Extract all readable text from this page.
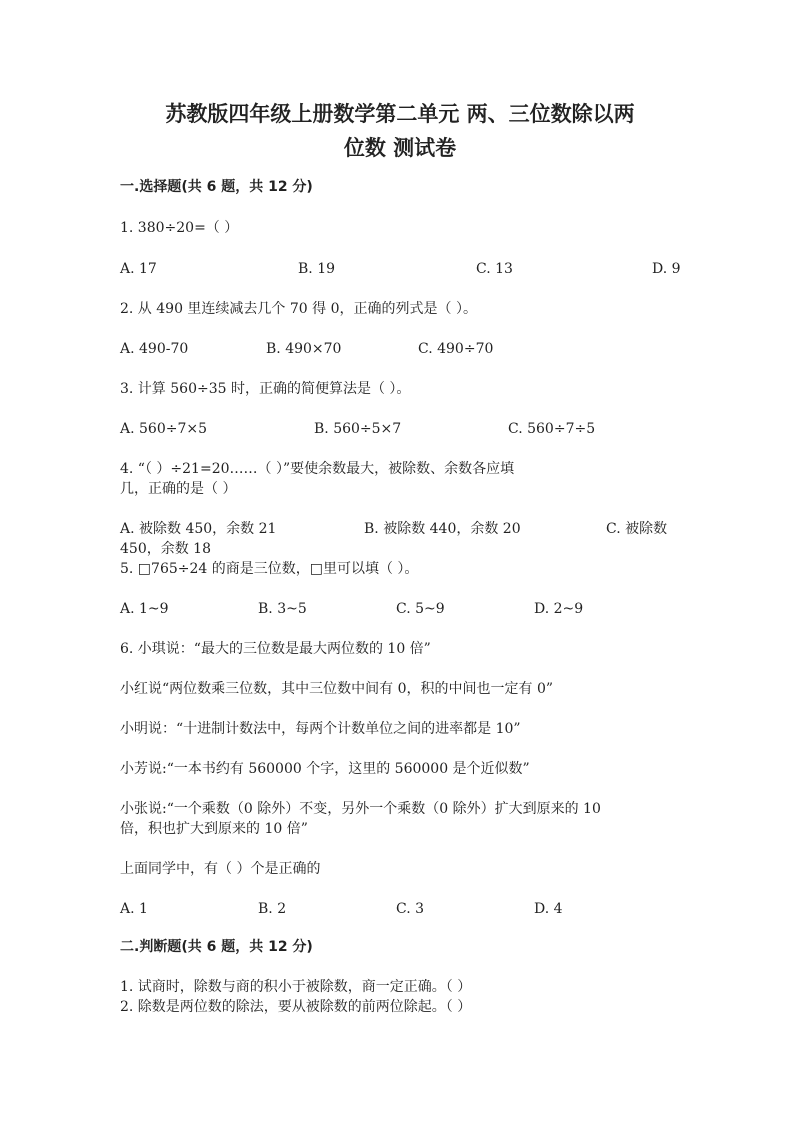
苏教版四年级上册数学第二单元 两、三位数除以两
位数 测试卷
一.选择题(共 6 题，共 12 分)
1. 380÷20=（ ）
A. 17	B. 19	C. 13	D. 9
2. 从 490 里连续减去几个 70 得 0，正确的列式是（ ）。
A. 490-70	B. 490×70	C. 490÷70
3. 计算 560÷35 时，正确的简便算法是（ ）。
A. 560÷7×5	B. 560÷5×7	C. 560÷7÷5
4. “（ ）÷21=20……（ ）”要使余数最大，被除数、余数各应填
几，正确的是（ ）
A. 被除数 450，余数 21	B. 被除数 440，余数 20	C. 被除数
450，余数 18
5. □765÷24 的商是三位数，□里可以填（ ）。
A. 1~9	B. 3~5	C. 5~9	D. 2~9
6. 小琪说：“最大的三位数是最大两位数的 10 倍”
小红说“两位数乘三位数，其中三位数中间有 0，积的中间也一定有 0”
小明说：“十进制计数法中，每两个计数单位之间的进率都是 10”
小芳说:“一本书约有 560000 个字，这里的 560000 是个近似数”
小张说:“一个乘数（0 除外）不变，另外一个乘数（0 除外）扩大到原来的 10
倍，积也扩大到原来的 10 倍”
上面同学中，有（ ）个是正确的
A. 1	B. 2	C. 3	D. 4
二.判断题(共 6 题，共 12 分)
1. 试商时，除数与商的积小于被除数，商一定正确。（ ）
2. 除数是两位数的除法，要从被除数的前两位除起。（ ）
